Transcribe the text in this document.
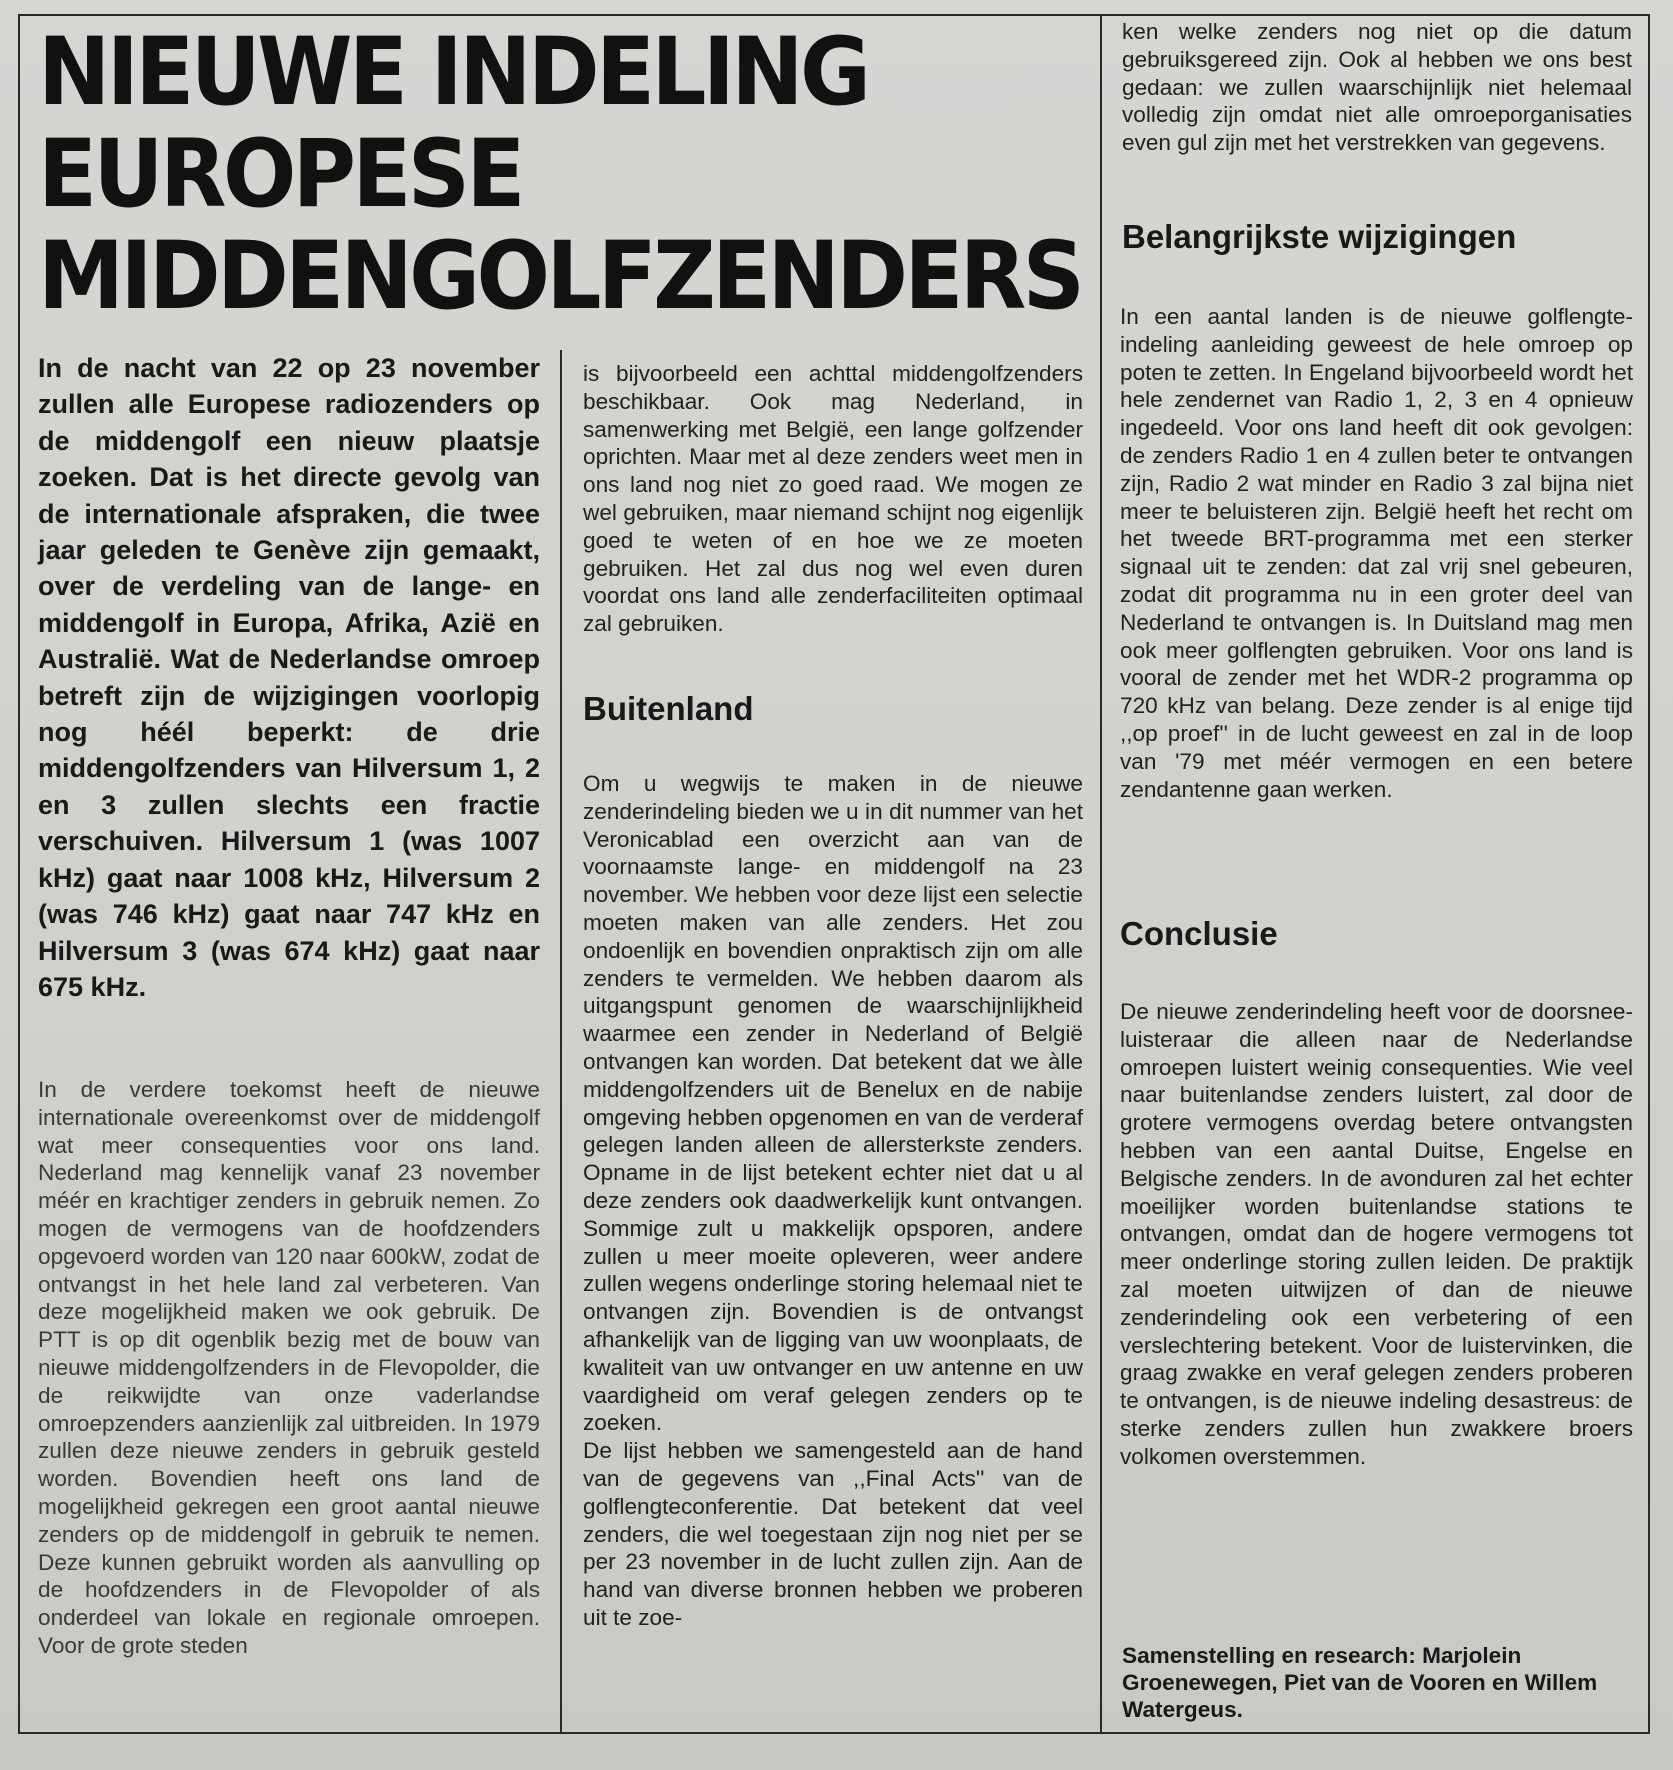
NIEUWE INDELING
EUROPESE
MIDDENGOLFZENDERS

In de nacht van 22 op 23 november zullen alle Europese radiozenders op de middengolf een nieuw plaatsje zoeken. Dat is het directe gevolg van de internationale afspraken, die twee jaar geleden te Genève zijn gemaakt, over de verdeling van de lange- en middengolf in Europa, Afrika, Azië en Australië. Wat de Nederlandse omroep betreft zijn de wijzigingen voorlopig nog héél beperkt: de drie middengolfzenders van Hilversum 1, 2 en 3 zullen slechts een fractie verschuiven. Hilversum 1 (was 1007 kHz) gaat naar 1008 kHz, Hilversum 2 (was 746 kHz) gaat naar 747 kHz en Hilversum 3 (was 674 kHz) gaat naar 675 kHz.

In de verdere toekomst heeft de nieuwe internationale overeenkomst over de middengolf wat meer consequenties voor ons land. Nederland mag kennelijk vanaf 23 november méér en krachtiger zenders in gebruik nemen. Zo mogen de vermogens van de hoofdzenders opgevoerd worden van 120 naar 600kW, zodat de ontvangst in het hele land zal verbeteren. Van deze mogelijkheid maken we ook gebruik. De PTT is op dit ogenblik bezig met de bouw van nieuwe middengolfzenders in de Flevopolder, die de reikwijdte van onze vaderlandse omroepzenders aanzienlijk zal uitbreiden. In 1979 zullen deze nieuwe zenders in gebruik gesteld worden. Bovendien heeft ons land de mogelijkheid gekregen een groot aantal nieuwe zenders op de middengolf in gebruik te nemen. Deze kunnen gebruikt worden als aanvulling op de hoofdzenders in de Flevopolder of als onderdeel van lokale en regionale omroepen. Voor de grote steden

is bijvoorbeeld een achttal middengolfzenders beschikbaar. Ook mag Nederland, in samenwerking met België, een lange golfzender oprichten. Maar met al deze zenders weet men in ons land nog niet zo goed raad. We mogen ze wel gebruiken, maar niemand schijnt nog eigenlijk goed te weten of en hoe we ze moeten gebruiken. Het zal dus nog wel even duren voordat ons land alle zenderfaciliteiten optimaal zal gebruiken.

Buitenland

Om u wegwijs te maken in de nieuwe zenderindeling bieden we u in dit nummer van het Veronicablad een overzicht aan van de voornaamste lange- en middengolf na 23 november. We hebben voor deze lijst een selectie moeten maken van alle zenders. Het zou ondoenlijk en bovendien onpraktisch zijn om alle zenders te vermelden. We hebben daarom als uitgangspunt genomen de waarschijnlijkheid waarmee een zender in Nederland of België ontvangen kan worden. Dat betekent dat we àlle middengolfzenders uit de Benelux en de nabije omgeving hebben opgenomen en van de verderaf gelegen landen alleen de allersterkste zenders. Opname in de lijst betekent echter niet dat u al deze zenders ook daadwerkelijk kunt ontvangen. Sommige zult u makkelijk opsporen, andere zullen u meer moeite opleveren, weer andere zullen wegens onderlinge storing helemaal niet te ontvangen zijn. Bovendien is de ontvangst afhankelijk van de ligging van uw woonplaats, de kwaliteit van uw ontvanger en uw antenne en uw vaardigheid om veraf gelegen zenders op te zoeken.

De lijst hebben we samengesteld aan de hand van de gegevens van ,,Final Acts'' van de golflengteconferentie. Dat betekent dat veel zenders, die wel toegestaan zijn nog niet per se per 23 november in de lucht zullen zijn. Aan de hand van diverse bronnen hebben we proberen uit te zoe-

ken welke zenders nog niet op die datum gebruiksgereed zijn. Ook al hebben we ons best gedaan: we zullen waarschijnlijk niet helemaal volledig zijn omdat niet alle omroeporganisaties even gul zijn met het verstrekken van gegevens.

Belangrijkste wijzigingen

In een aantal landen is de nieuwe golflengte-indeling aanleiding geweest de hele omroep op poten te zetten. In Engeland bijvoorbeeld wordt het hele zendernet van Radio 1, 2, 3 en 4 opnieuw ingedeeld. Voor ons land heeft dit ook gevolgen: de zenders Radio 1 en 4 zullen beter te ontvangen zijn, Radio 2 wat minder en Radio 3 zal bijna niet meer te beluisteren zijn. België heeft het recht om het tweede BRT-programma met een sterker signaal uit te zenden: dat zal vrij snel gebeuren, zodat dit programma nu in een groter deel van Nederland te ontvangen is. In Duitsland mag men ook meer golflengten gebruiken. Voor ons land is vooral de zender met het WDR-2 programma op 720 kHz van belang. Deze zender is al enige tijd ,,op proef'' in de lucht geweest en zal in de loop van '79 met méér vermogen en een betere zendantenne gaan werken.

Conclusie

De nieuwe zenderindeling heeft voor de doorsnee-luisteraar die alleen naar de Nederlandse omroepen luistert weinig consequenties. Wie veel naar buitenlandse zenders luistert, zal door de grotere vermogens overdag betere ontvangsten hebben van een aantal Duitse, Engelse en Belgische zenders. In de avonduren zal het echter moeilijker worden buitenlandse stations te ontvangen, omdat dan de hogere vermogens tot meer onderlinge storing zullen leiden. De praktijk zal moeten uitwijzen of dan de nieuwe zenderindeling ook een verbetering of een verslechtering betekent. Voor de luistervinken, die graag zwakke en veraf gelegen zenders proberen te ontvangen, is de nieuwe indeling desastreus: de sterke zenders zullen hun zwakkere broers volkomen overstemmen.

Samenstelling en research: Marjolein Groenewegen, Piet van de Vooren en Willem Watergeus.
